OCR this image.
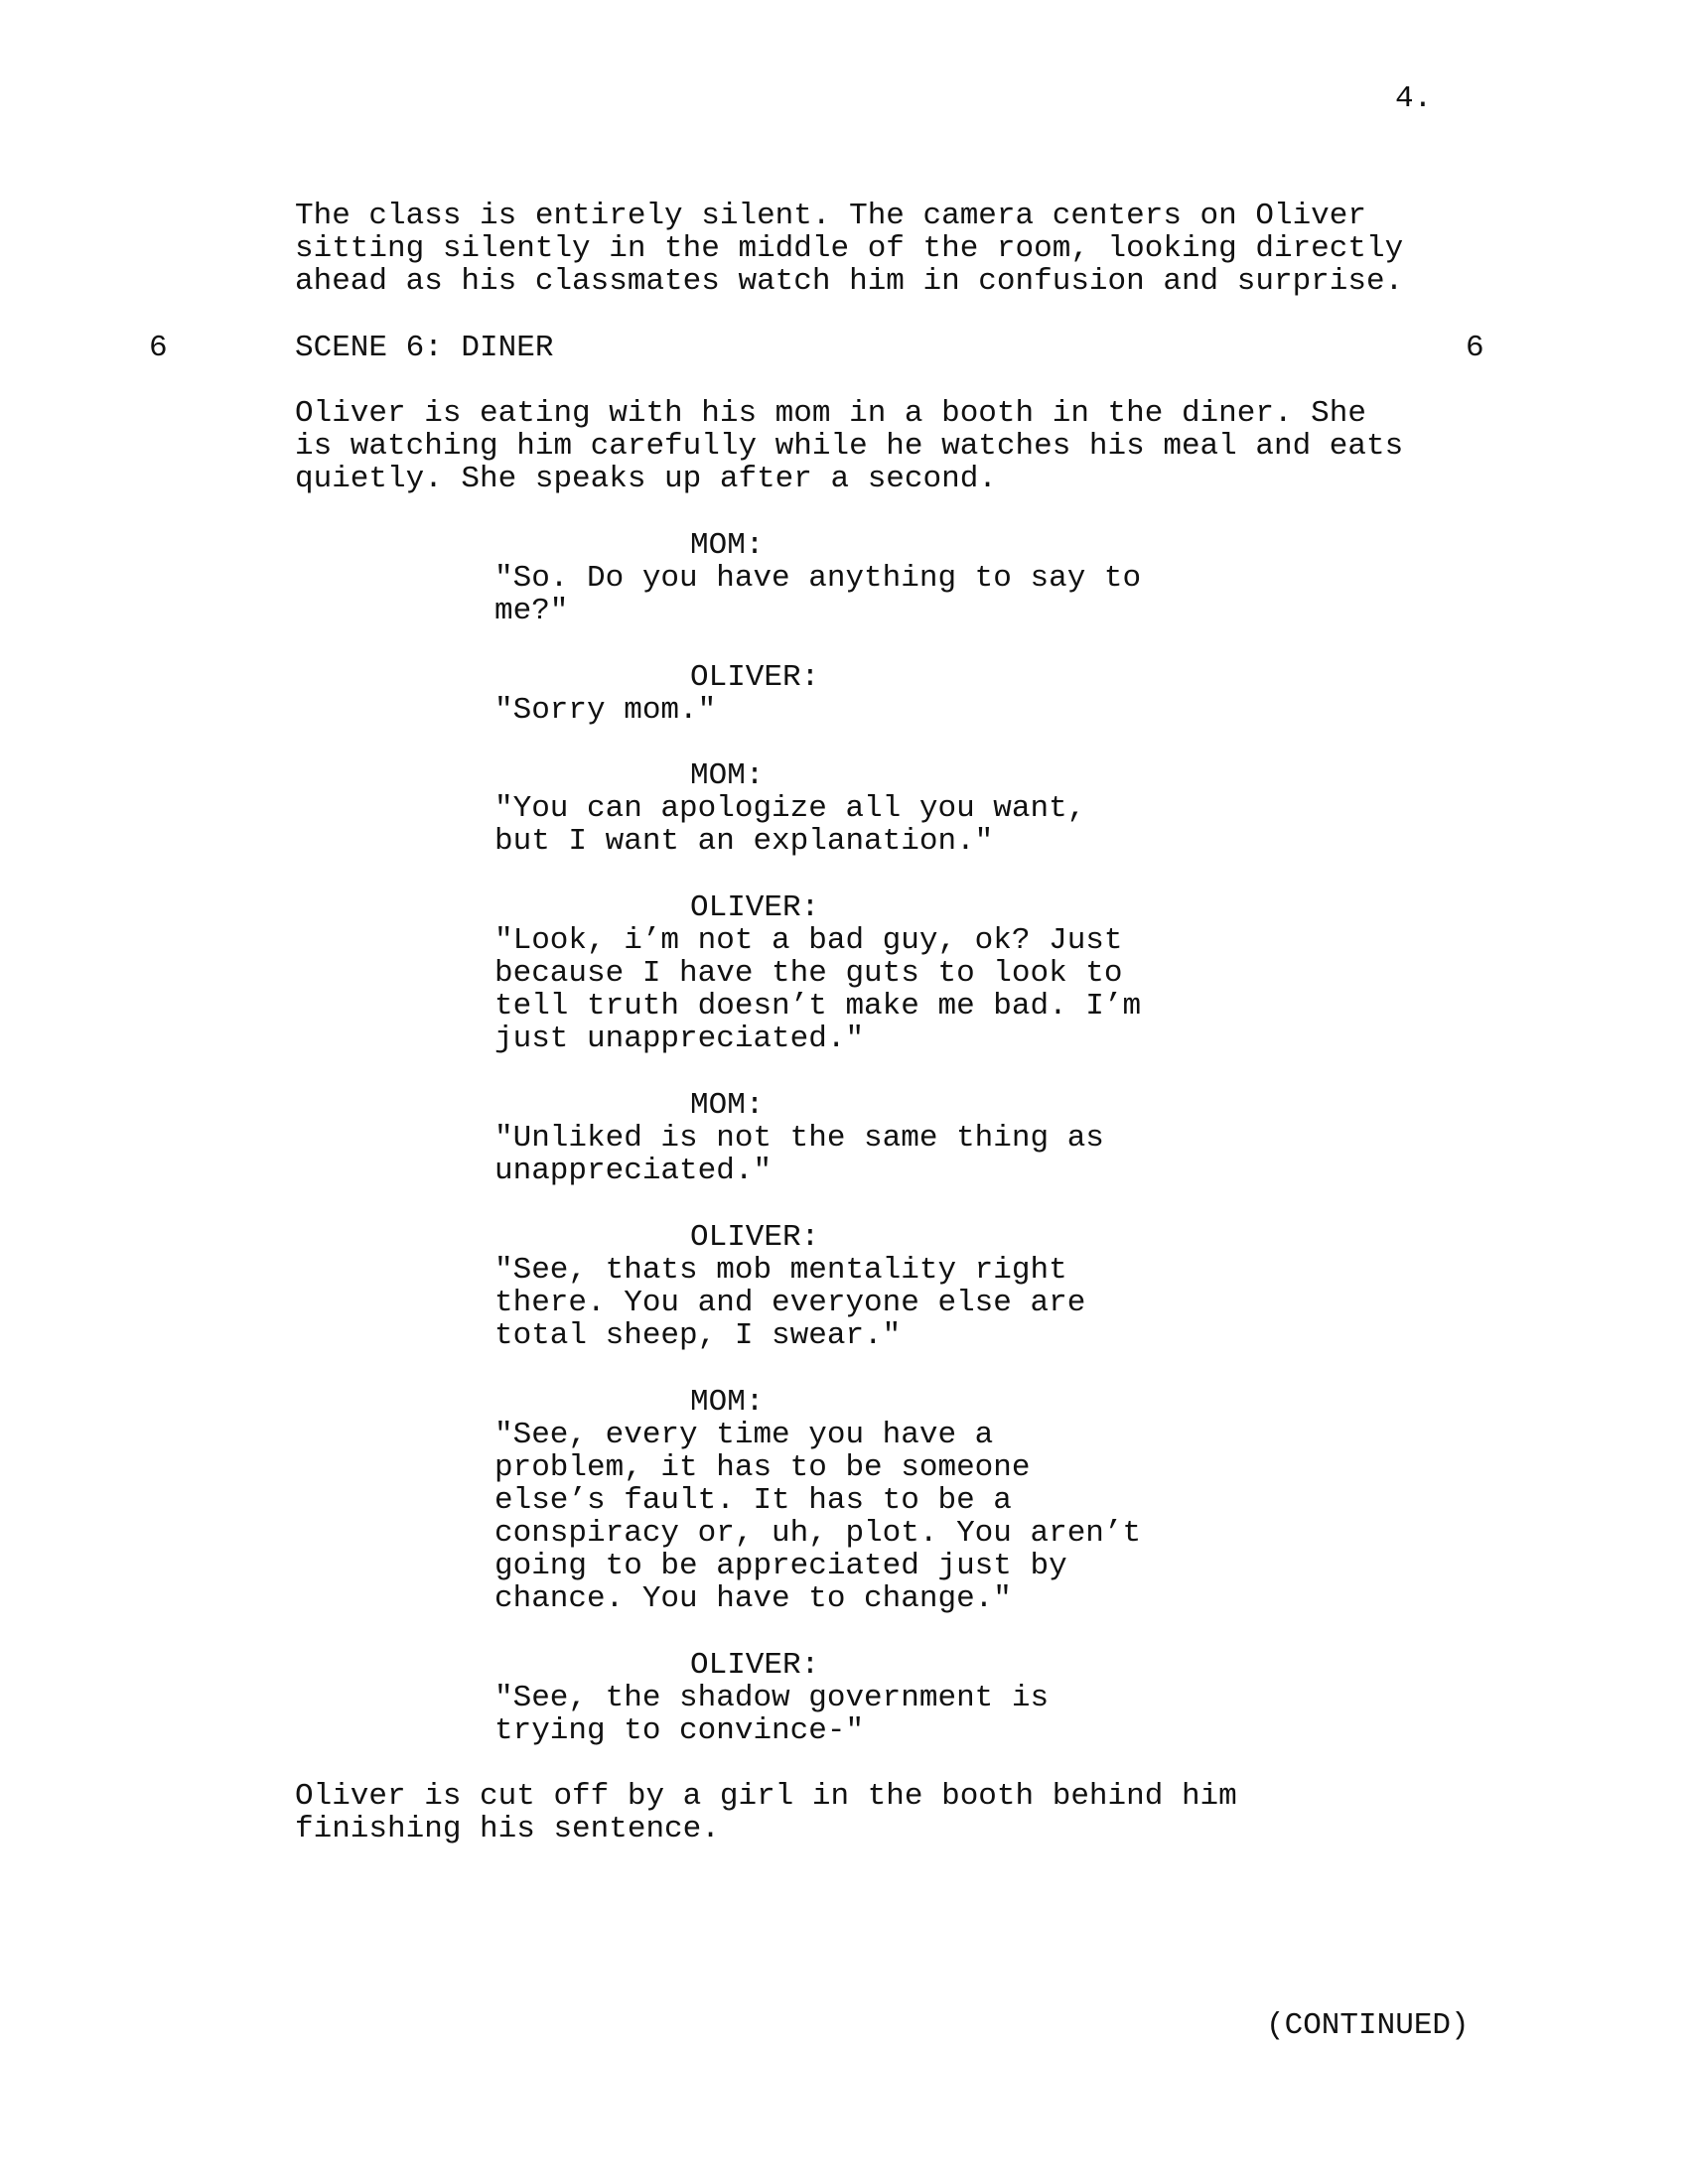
4.
The class is entirely silent. The camera centers on Oliver
sitting silently in the middle of the room, looking directly
ahead as his classmates watch him in confusion and surprise.
6	SCENE 6: DINER	6
Oliver is eating with his mom in a booth in the diner. She
is watching him carefully while he watches his meal and eats
quietly. She speaks up after a second.
MOM:
"So. Do you have anything to say to
me?"
OLIVER:
"Sorry mom."
MOM:
"You can apologize all you want,
but I want an explanation."
OLIVER:
"Look, i’m not a bad guy, ok? Just
because I have the guts to look to
tell truth doesn’t make me bad. I’m
just unappreciated."
MOM:
"Unliked is not the same thing as
unappreciated."
OLIVER:
"See, thats mob mentality right
there. You and everyone else are
total sheep, I swear."
MOM:
"See, every time you have a
problem, it has to be someone
else’s fault. It has to be a
conspiracy or, uh, plot. You aren’t
going to be appreciated just by
chance. You have to change."
OLIVER:
"See, the shadow government is
trying to convince-"
Oliver is cut off by a girl in the booth behind him
finishing his sentence.
(CONTINUED)
